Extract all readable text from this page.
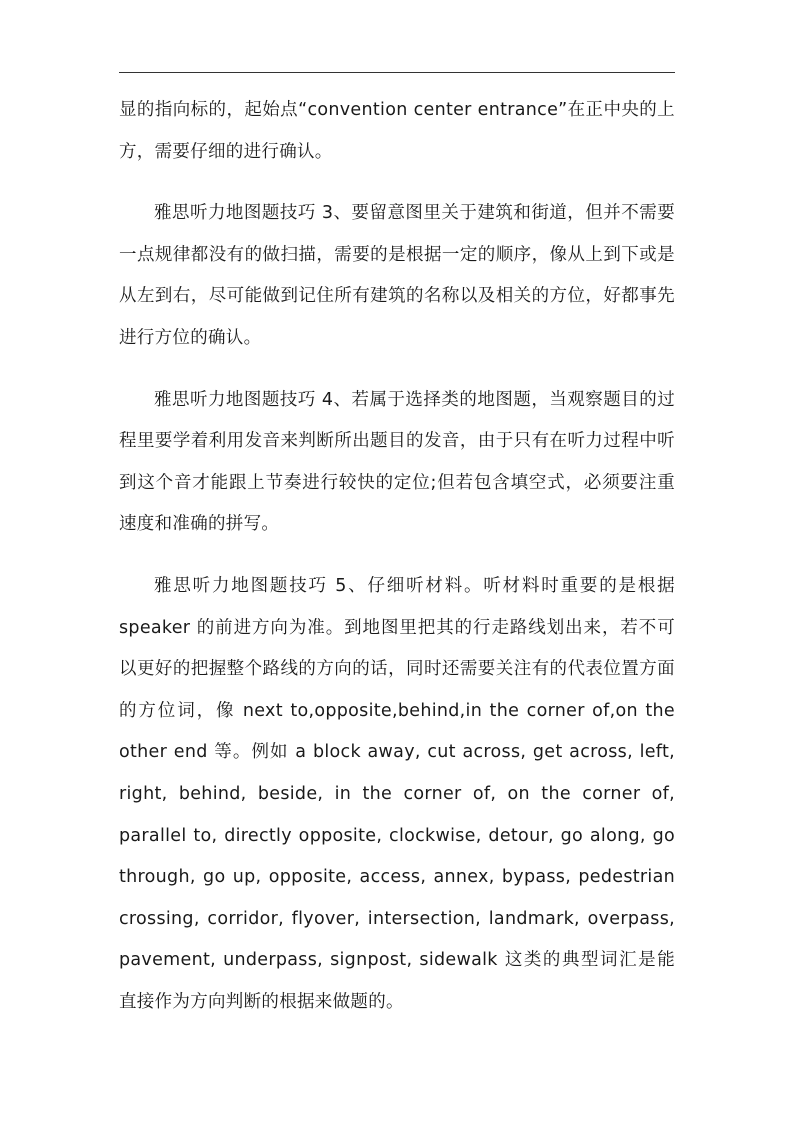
显的指向标的，起始点“convention center entrance”在正中央的上方，需要仔细的进行确认。

雅思听力地图题技巧 3、要留意图里关于建筑和街道，但并不需要一点规律都没有的做扫描，需要的是根据一定的顺序，像从上到下或是从左到右，尽可能做到记住所有建筑的名称以及相关的方位，好都事先进行方位的确认。

雅思听力地图题技巧 4、若属于选择类的地图题，当观察题目的过程里要学着利用发音来判断所出题目的发音，由于只有在听力过程中听到这个音才能跟上节奏进行较快的定位;但若包含填空式，必须要注重速度和准确的拼写。

雅思听力地图题技巧 5、仔细听材料。听材料时重要的是根据 speaker 的前进方向为准。到地图里把其的行走路线划出来，若不可以更好的把握整个路线的方向的话，同时还需要关注有的代表位置方面的方位词，像 next to,opposite,behind,in the corner of,on the other end 等。例如 a block away, cut across, get across, left, right, behind, beside, in the corner of, on the corner of, parallel to, directly opposite, clockwise, detour, go along, go through, go up, opposite, access, annex, bypass, pedestrian crossing, corridor, flyover, intersection, landmark, overpass, pavement, underpass, signpost, sidewalk 这类的典型词汇是能直接作为方向判断的根据来做题的。
